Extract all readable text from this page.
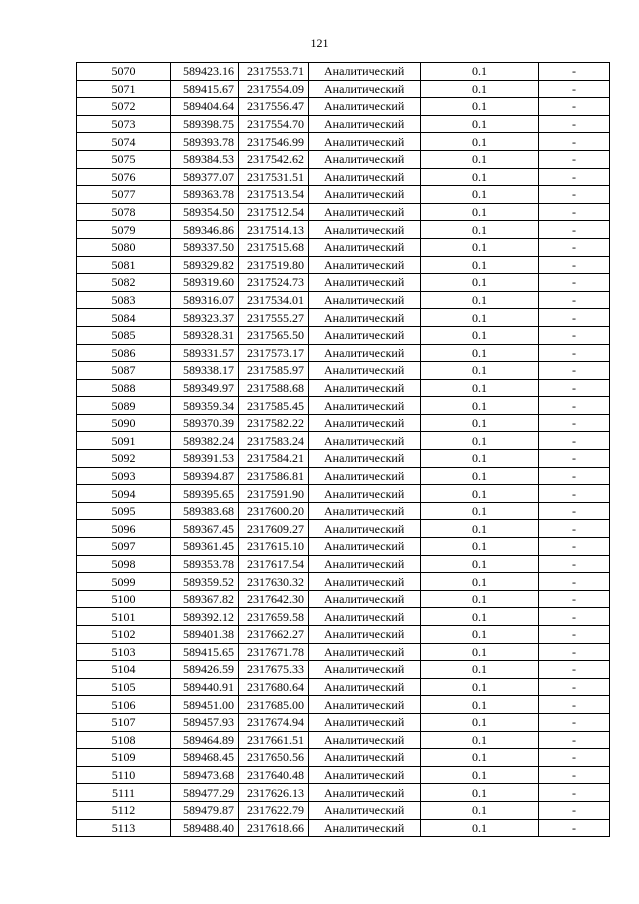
121
5070	589423.16	2317553.71	Аналитический	0.1	-
5071	589415.67	2317554.09	Аналитический	0.1	-
5072	589404.64	2317556.47	Аналитический	0.1	-
5073	589398.75	2317554.70	Аналитический	0.1	-
5074	589393.78	2317546.99	Аналитический	0.1	-
5075	589384.53	2317542.62	Аналитический	0.1	-
5076	589377.07	2317531.51	Аналитический	0.1	-
5077	589363.78	2317513.54	Аналитический	0.1	-
5078	589354.50	2317512.54	Аналитический	0.1	-
5079	589346.86	2317514.13	Аналитический	0.1	-
5080	589337.50	2317515.68	Аналитический	0.1	-
5081	589329.82	2317519.80	Аналитический	0.1	-
5082	589319.60	2317524.73	Аналитический	0.1	-
5083	589316.07	2317534.01	Аналитический	0.1	-
5084	589323.37	2317555.27	Аналитический	0.1	-
5085	589328.31	2317565.50	Аналитический	0.1	-
5086	589331.57	2317573.17	Аналитический	0.1	-
5087	589338.17	2317585.97	Аналитический	0.1	-
5088	589349.97	2317588.68	Аналитический	0.1	-
5089	589359.34	2317585.45	Аналитический	0.1	-
5090	589370.39	2317582.22	Аналитический	0.1	-
5091	589382.24	2317583.24	Аналитический	0.1	-
5092	589391.53	2317584.21	Аналитический	0.1	-
5093	589394.87	2317586.81	Аналитический	0.1	-
5094	589395.65	2317591.90	Аналитический	0.1	-
5095	589383.68	2317600.20	Аналитический	0.1	-
5096	589367.45	2317609.27	Аналитический	0.1	-
5097	589361.45	2317615.10	Аналитический	0.1	-
5098	589353.78	2317617.54	Аналитический	0.1	-
5099	589359.52	2317630.32	Аналитический	0.1	-
5100	589367.82	2317642.30	Аналитический	0.1	-
5101	589392.12	2317659.58	Аналитический	0.1	-
5102	589401.38	2317662.27	Аналитический	0.1	-
5103	589415.65	2317671.78	Аналитический	0.1	-
5104	589426.59	2317675.33	Аналитический	0.1	-
5105	589440.91	2317680.64	Аналитический	0.1	-
5106	589451.00	2317685.00	Аналитический	0.1	-
5107	589457.93	2317674.94	Аналитический	0.1	-
5108	589464.89	2317661.51	Аналитический	0.1	-
5109	589468.45	2317650.56	Аналитический	0.1	-
5110	589473.68	2317640.48	Аналитический	0.1	-
5111	589477.29	2317626.13	Аналитический	0.1	-
5112	589479.87	2317622.79	Аналитический	0.1	-
5113	589488.40	2317618.66	Аналитический	0.1	-
